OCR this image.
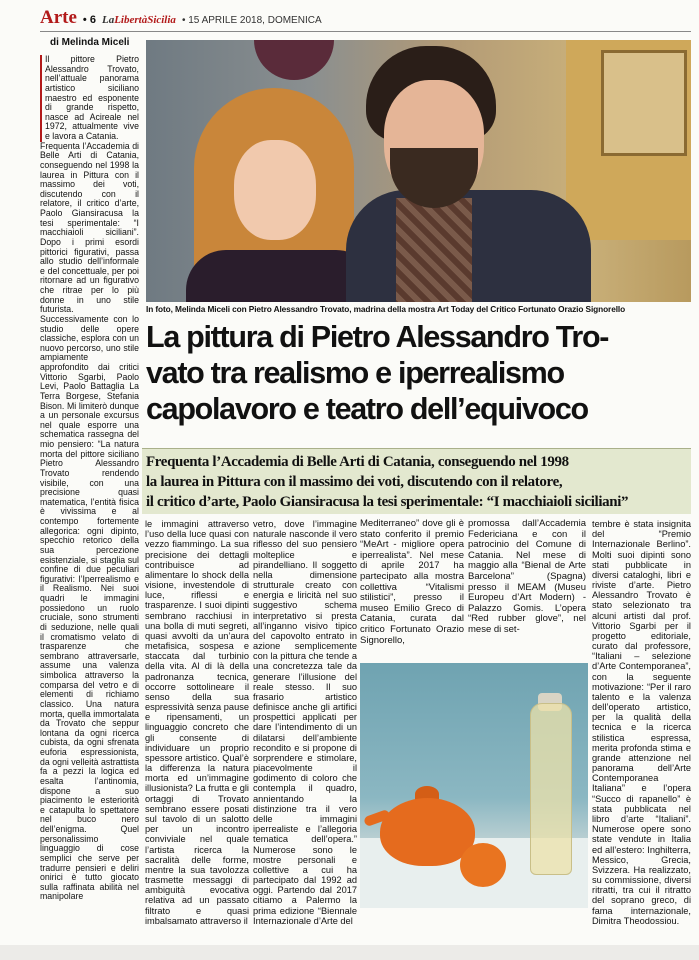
Arte • 6 LaLibertàSicilia • 15 APRILE 2018, DOMENICA
di Melinda Miceli

Il pittore Pietro Alessandro Trovato, nell’attuale panorama artistico siciliano maestro ed esponente di grande rispetto, nasce ad Acireale nel 1972, attualmente vive e lavora a Catania.

Frequenta l’Accademia di Belle Arti di Catania, conseguendo nel 1998 la laurea in Pittura con il massimo dei voti, discutendo con il relatore, il critico d’arte, Paolo Giansiracusa la tesi sperimentale: “I macchiaioli siciliani”. Dopo i primi esordi pittorici figurativi, passa allo studio dell’informale e del concettuale, per poi ritornare ad un figurativo che ritrae per lo più donne in uno stile futurista. Successivamente con lo studio delle opere classiche, esplora con un nuovo percorso, uno stile ampiamente approfondito dai critici Vittorio Sgarbi, Paolo Levi, Paolo Battaglia La Terra Borgese, Stefania Bison. Mi limiterò dunque a un personale excursus nel quale esporre una schematica rassegna del mio pensiero: “La natura morta del pittore siciliano Pietro Alessandro Trovato rendendo visibile, con una precisione quasi matematica, l’entità fisica è vivissima e al contempo fortemente allegorica: ogni dipinto, specchio retorico della sua percezione esistenziale, si staglia sul confine di due peculiari figurativi: l’Iperrealismo e il Realismo. Nei suoi quadri le immagini possiedono un ruolo cruciale, sono strumenti di seduzione, nelle quali il cromatismo velato di trasparenze che sembrano attraversarle, assume una valenza simbolica attraverso la comparsa del vetro e di elementi di richiamo classico. Una natura morta, quella immortalata da Trovato che seppur lontana da ogni ricerca cubista, da ogni sfrenata euforia espressionista, da ogni velleità astrattista fa a pezzi la logica ed esalta l’antinomia, dispone a suo piacimento le esteriorità e catapulta lo spettatore nel buco nero dell’enigma. Quel personalissimo linguaggio di cose semplici che serve per tradurre pensieri e deliri onirici è tutto giocato sulla raffinata abilità nel manipolare

In foto, Melinda Miceli con Pietro Alessandro Trovato, madrina della mostra Art Today del Critico Fortunato Orazio Signorello
La pittura di Pietro Alessandro Tro-
vato tra realismo e iperrealismo
capolavoro e teatro dell’equivoco
Frequenta l’Accademia di Belle Arti di Catania, conseguendo nel 1998
la laurea in Pittura con il massimo dei voti, discutendo con il relatore,
il critico d’arte, Paolo Giansiracusa la tesi sperimentale: “I macchiaioli siciliani”
le immagini attraverso l’uso della luce quasi con vezzo fiammingo. La sua precisione dei dettagli contribuisce ad alimentare lo shock della visione, investendole di luce, riflessi e trasparenze. I suoi dipinti sembrano racchiusi in una bolla di muti segreti, quasi avvolti da un’aura metafisica, sospesa e staccata dal turbinio della vita. Al di là della padronanza tecnica, occorre sottolineare il senso della sua espressività senza pause e ripensamenti, un linguaggio concreto che gli consente di individuare un proprio spessore artistico. Qual’è la differenza la natura morta ed un’immagine illusionista? La frutta e gli ortaggi di Trovato sembrano essere posati sul tavolo di un salotto per un incontro conviviale nel quale l’artista ricerca la sacralità delle forme, mentre la sua tavolozza trasmette messaggi di ambiguità evocativa relativa ad un passato filtrato e quasi imbalsamato attraverso il
vetro, dove l’immagine naturale nasconde il vero riflesso del suo pensiero molteplice e pirandelliano. Il soggetto nella dimensione strutturale creato con energia e liricità nel suo suggestivo schema interpretativo si presta all’inganno visivo tipico del capovolto entrato in azione semplicemente con la pittura che tende a una concretezza tale da generare l’illusione del reale stesso. Il suo frasario artistico definisce anche gli artifici prospettici applicati per dare l’intendimento di un dilatarsi dell’ambiente recondito e si propone di sorprendere e stimolare, piacevolmente il godimento di coloro che contempla il quadro, annientando la distinzione tra il vero delle immagini iperrealiste e l’allegoria tematica dell’opera.” Numerose sono le mostre personali e collettive a cui ha partecipato dal 1992 ad oggi. Partendo dal 2017 citiamo a Palermo la prima edizione “Biennale Internazionale d’Arte del
Mediterraneo” dove gli è stato conferito il premio “MeArt - migliore opera iperrealista”. Nel mese di aprile 2017 ha partecipato alla mostra collettiva “Vitalismi stilistici”, presso il museo Emilio Greco di Catania, curata dal critico Fortunato Orazio Signorello,
promossa dall’Accademia Federiciana e con il patrocinio del Comune di Catania. Nel mese di maggio alla “Bienal de Arte Barcelona” (Spagna) presso il MEAM (Museu Europeu d’Art Modern) - Palazzo Gomis. L’opera “Red rubber glove”, nel mese di set-
tembre è stata insignita del “Premio Internazionale Berlino”. Molti suoi dipinti sono stati pubblicate in diversi cataloghi, libri e riviste d’arte. Pietro Alessandro Trovato è stato selezionato tra alcuni artisti dal prof. Vittorio Sgarbi per il progetto editoriale, curato dal professore, “Italiani – selezione d’Arte Contemporanea”, con la seguente motivazione: “Per il raro talento e la valenza dell’operato artistico, per la qualità della tecnica e la ricerca stilistica espressa, merita profonda stima e grande attenzione nel panorama dell’Arte Contemporanea Italiana” e l’opera “Succo di rapanello” è stata pubblicata nel libro d’arte “Italiani”. Numerose opere sono state vendute in Italia ed all’estero: Inghilterra, Messico, Grecia, Svizzera. Ha realizzato, su commissione, diversi ritratti, tra cui il ritratto del soprano greco, di fama internazionale, Dimitra Theodossiou.
